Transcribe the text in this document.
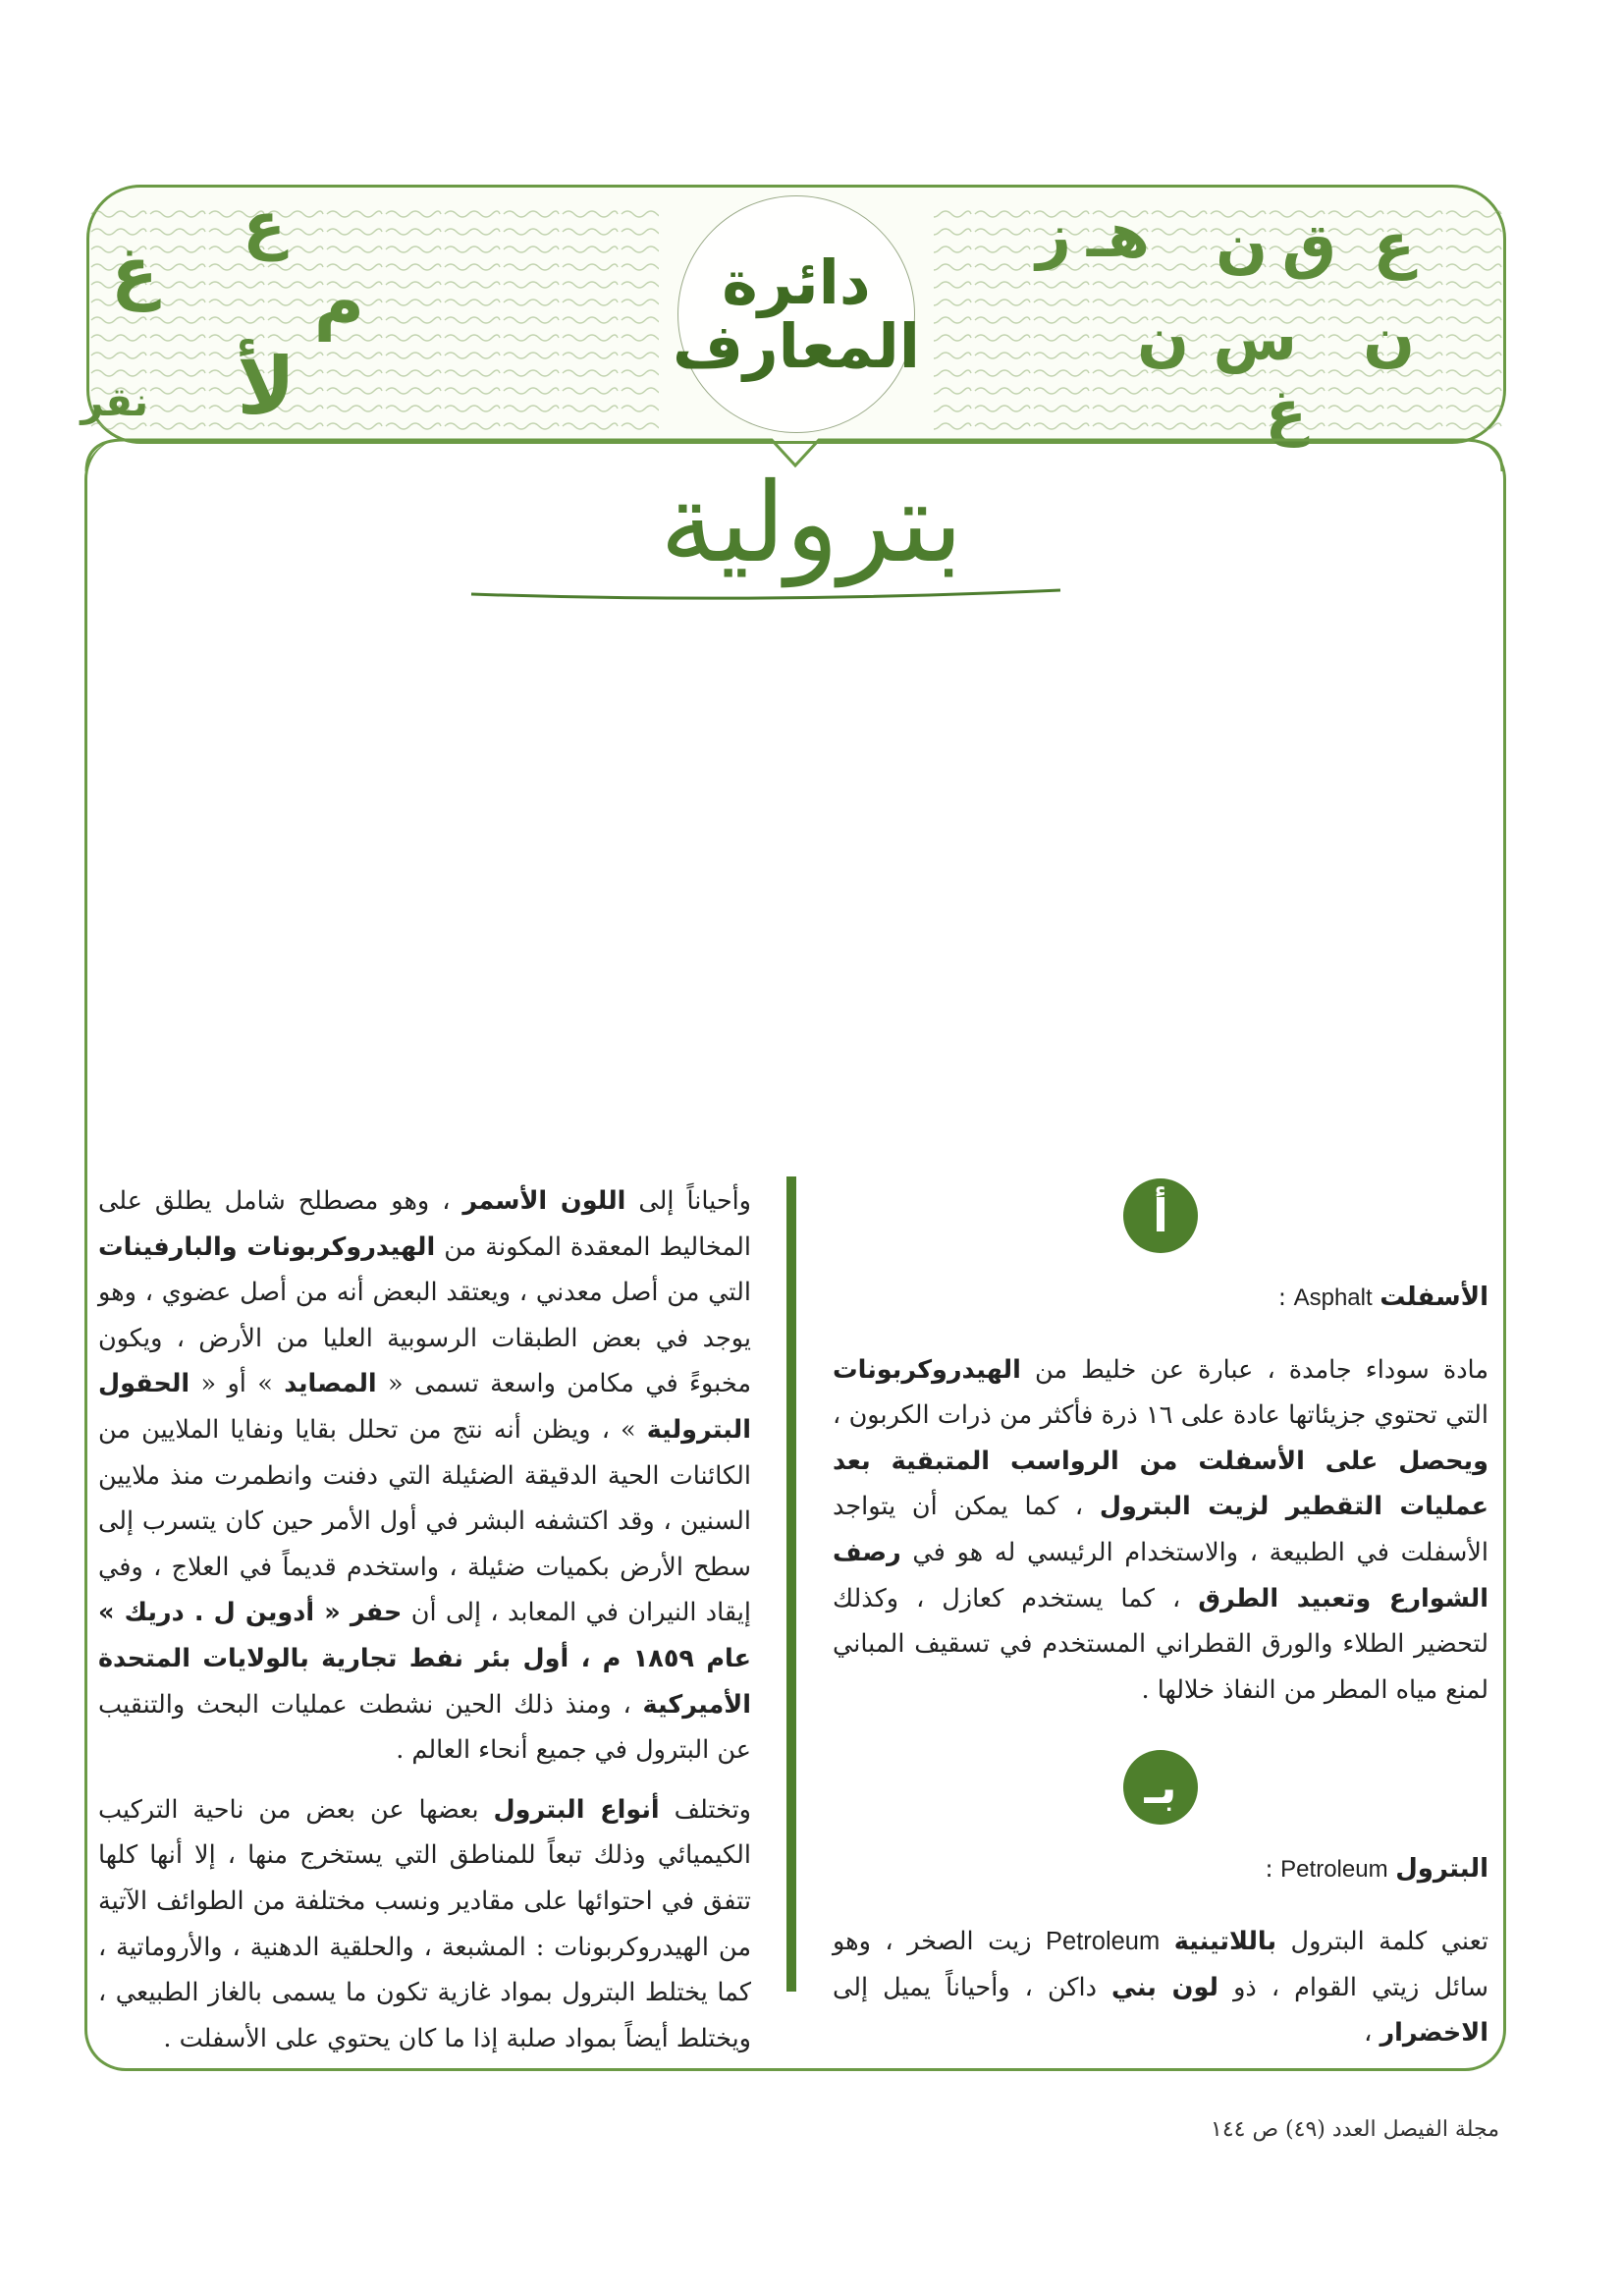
ع
م
غ
لأ
نقر
ع
ق
ن
هـ
ز
ن
س
ن
غ
دائرة
المعارف
بترولية
أ
الأسفلت Asphalt :

مادة سوداء جامدة ، عبارة عن خليط من الهيدروكربونات التي تحتوي جزيئاتها عادة على ١٦ ذرة فأكثر من ذرات الكربون ، ويحصل على الأسفلت من الرواسب المتبقية بعد عمليات التقطير لزيت البترول ، كما يمكن أن يتواجد الأسفلت في الطبيعة ، والاستخدام الرئيسي له هو في رصف الشوارع وتعبيد الطرق ، كما يستخدم كعازل ، وكذلك لتحضير الطلاء والورق القطراني المستخدم في تسقيف المباني لمنع مياه المطر من النفاذ خلالها .

بـ
البترول Petroleum :

تعني كلمة البترول باللاتينية Petroleum زيت الصخر ، وهو سائل زيتي القوام ، ذو لون بني داكن ، وأحياناً يميل إلى الاخضرار ،

وأحياناً إلى اللون الأسمر ، وهو مصطلح شامل يطلق على المخاليط المعقدة المكونة من الهيدروكربونات والبارفينات التي من أصل معدني ، ويعتقد البعض أنه من أصل عضوي ، وهو يوجد في بعض الطبقات الرسوبية العليا من الأرض ، ويكون مخبوءً في مكامن واسعة تسمى « المصايد » أو « الحقول البترولية » ، ويظن أنه نتج من تحلل بقايا ونفايا الملايين من الكائنات الحية الدقيقة الضئيلة التي دفنت وانطمرت منذ ملايين السنين ، وقد اكتشفه البشر في أول الأمر حين كان يتسرب إلى سطح الأرض بكميات ضئيلة ، واستخدم قديماً في العلاج ، وفي إيقاد النيران في المعابد ، إلى أن حفر « أدوين ل . دريك » عام ١٨٥٩ م ، أول بئر نفط تجارية بالولايات المتحدة الأميركية ، ومنذ ذلك الحين نشطت عمليات البحث والتنقيب عن البترول في جميع أنحاء العالم .

وتختلف أنواع البترول بعضها عن بعض من ناحية التركيب الكيميائي وذلك تبعاً للمناطق التي يستخرج منها ، إلا أنها كلها تتفق في احتوائها على مقادير ونسب مختلفة من الطوائف الآتية من الهيدروكربونات : المشبعة ، والحلقية الدهنية ، والأروماتية ، كما يختلط البترول بمواد غازية تكون ما يسمى بالغاز الطبيعي ، ويختلط أيضاً بمواد صلبة إذا ما كان يحتوي على الأسفلت .

مجلة الفيصل العدد (٤٩) ص ١٤٤
